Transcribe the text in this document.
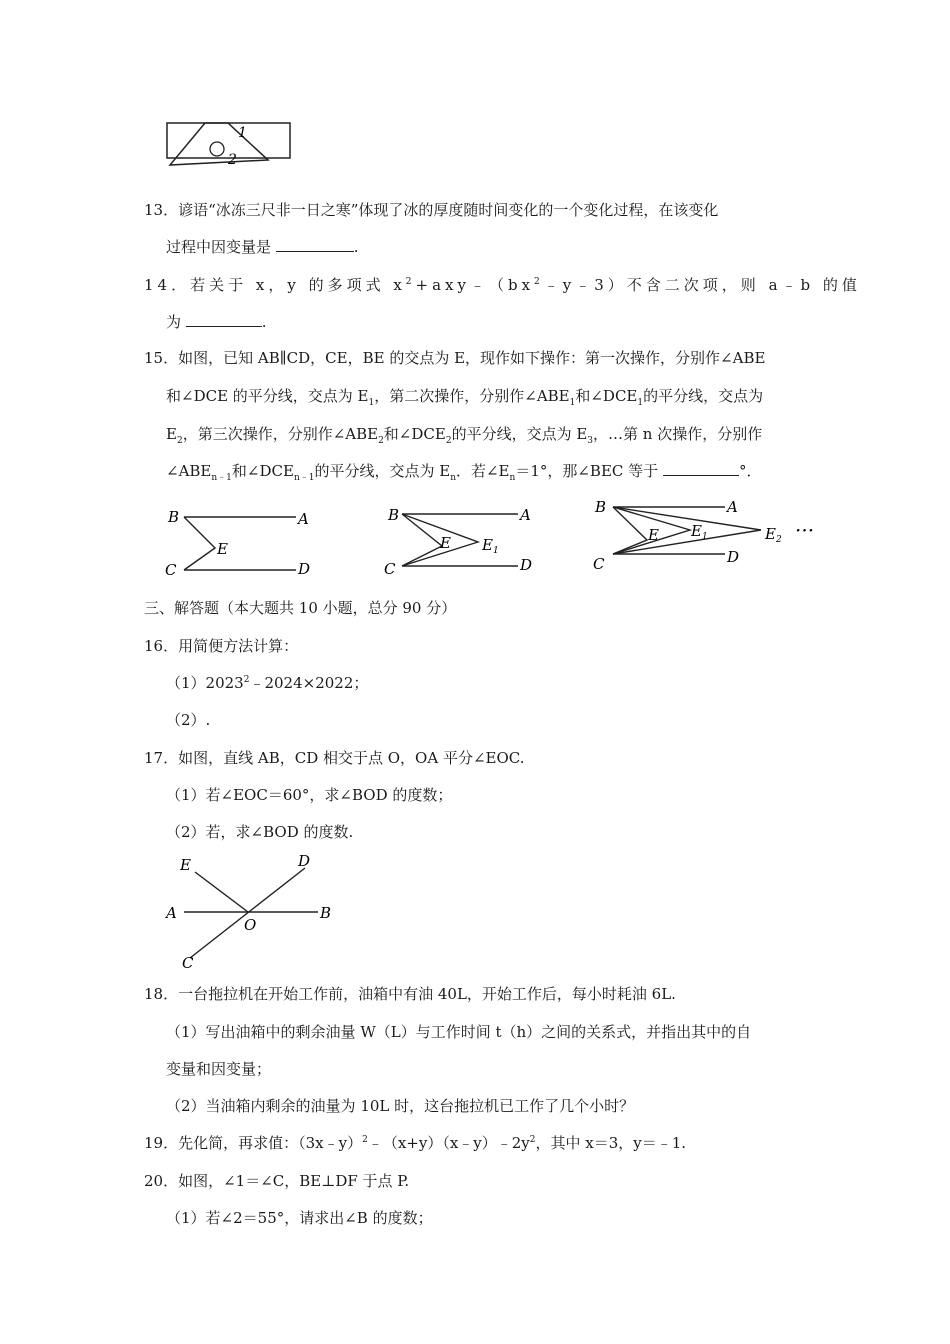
1
2
13．谚语“冰冻三尺非一日之寒”体现了冰的厚度随时间变化的一个变化过程，在该变化
过程中因变量是	.
14．若关于 x，y 的多项式 $x^2+axy﹣(bx^2﹣y﹣3)$不含二次项，则 a﹣b 的值
为	.
15．如图，已知 AB∥CD，CE，BE 的交点为 E，现作如下操作：第一次操作，分别作∠ABE
和∠DCE 的平分线，交点为 $E_1$，第二次操作，分别作$\angle ABE_1$和$\angle DCE_1$的平分线，交点为
$E_2$，第三次操作，分别作$\angle ABE_2$和$\angle DCE_2$的平分线，交点为 $E_3$，…第 n 次操作，分别作
$\angle ABE_{n﹣1}$和$\angle DCE_{n﹣1}$的平分线，交点为 $E_n$．若$\angle E_n=1^\circ$，那∠BEC 等于	°．
B	A
E
C	D
B	A
E $E_1$
C	D
B	A
E $E_1$	$E_2$
C	D
···
三、解答题（本大题共 10 小题，总分 90 分）
16．用简便方法计算：
$(1)2023^2﹣2024\times 2022$；
（2）.
17．如图，直线 AB，CD 相交于点 O，OA 平分∠EOC.
（1）若∠EOC＝60°，求∠BOD 的度数；
（2）若，求∠BOD 的度数.
E	D
A
O
B
C
18．一台拖拉机在开始工作前，油箱中有油 40L，开始工作后，每小时耗油 6L.
（1）写出油箱中的剩余油量 W（L）与工作时间 t（h）之间的关系式，并指出其中的自
变量和因变量；
（2）当油箱内剩余的油量为 10L 时，这台拖拉机已工作了几个小时？
19．先化简，再求值：$(3x﹣y)^2﹣(x+y)(x﹣y)﹣2y^2$，其中 x＝3，y＝﹣1.
20．如图，∠1＝∠C，BE⊥DF 于点 P.
（1）若∠2＝55°，请求出∠B 的度数；
